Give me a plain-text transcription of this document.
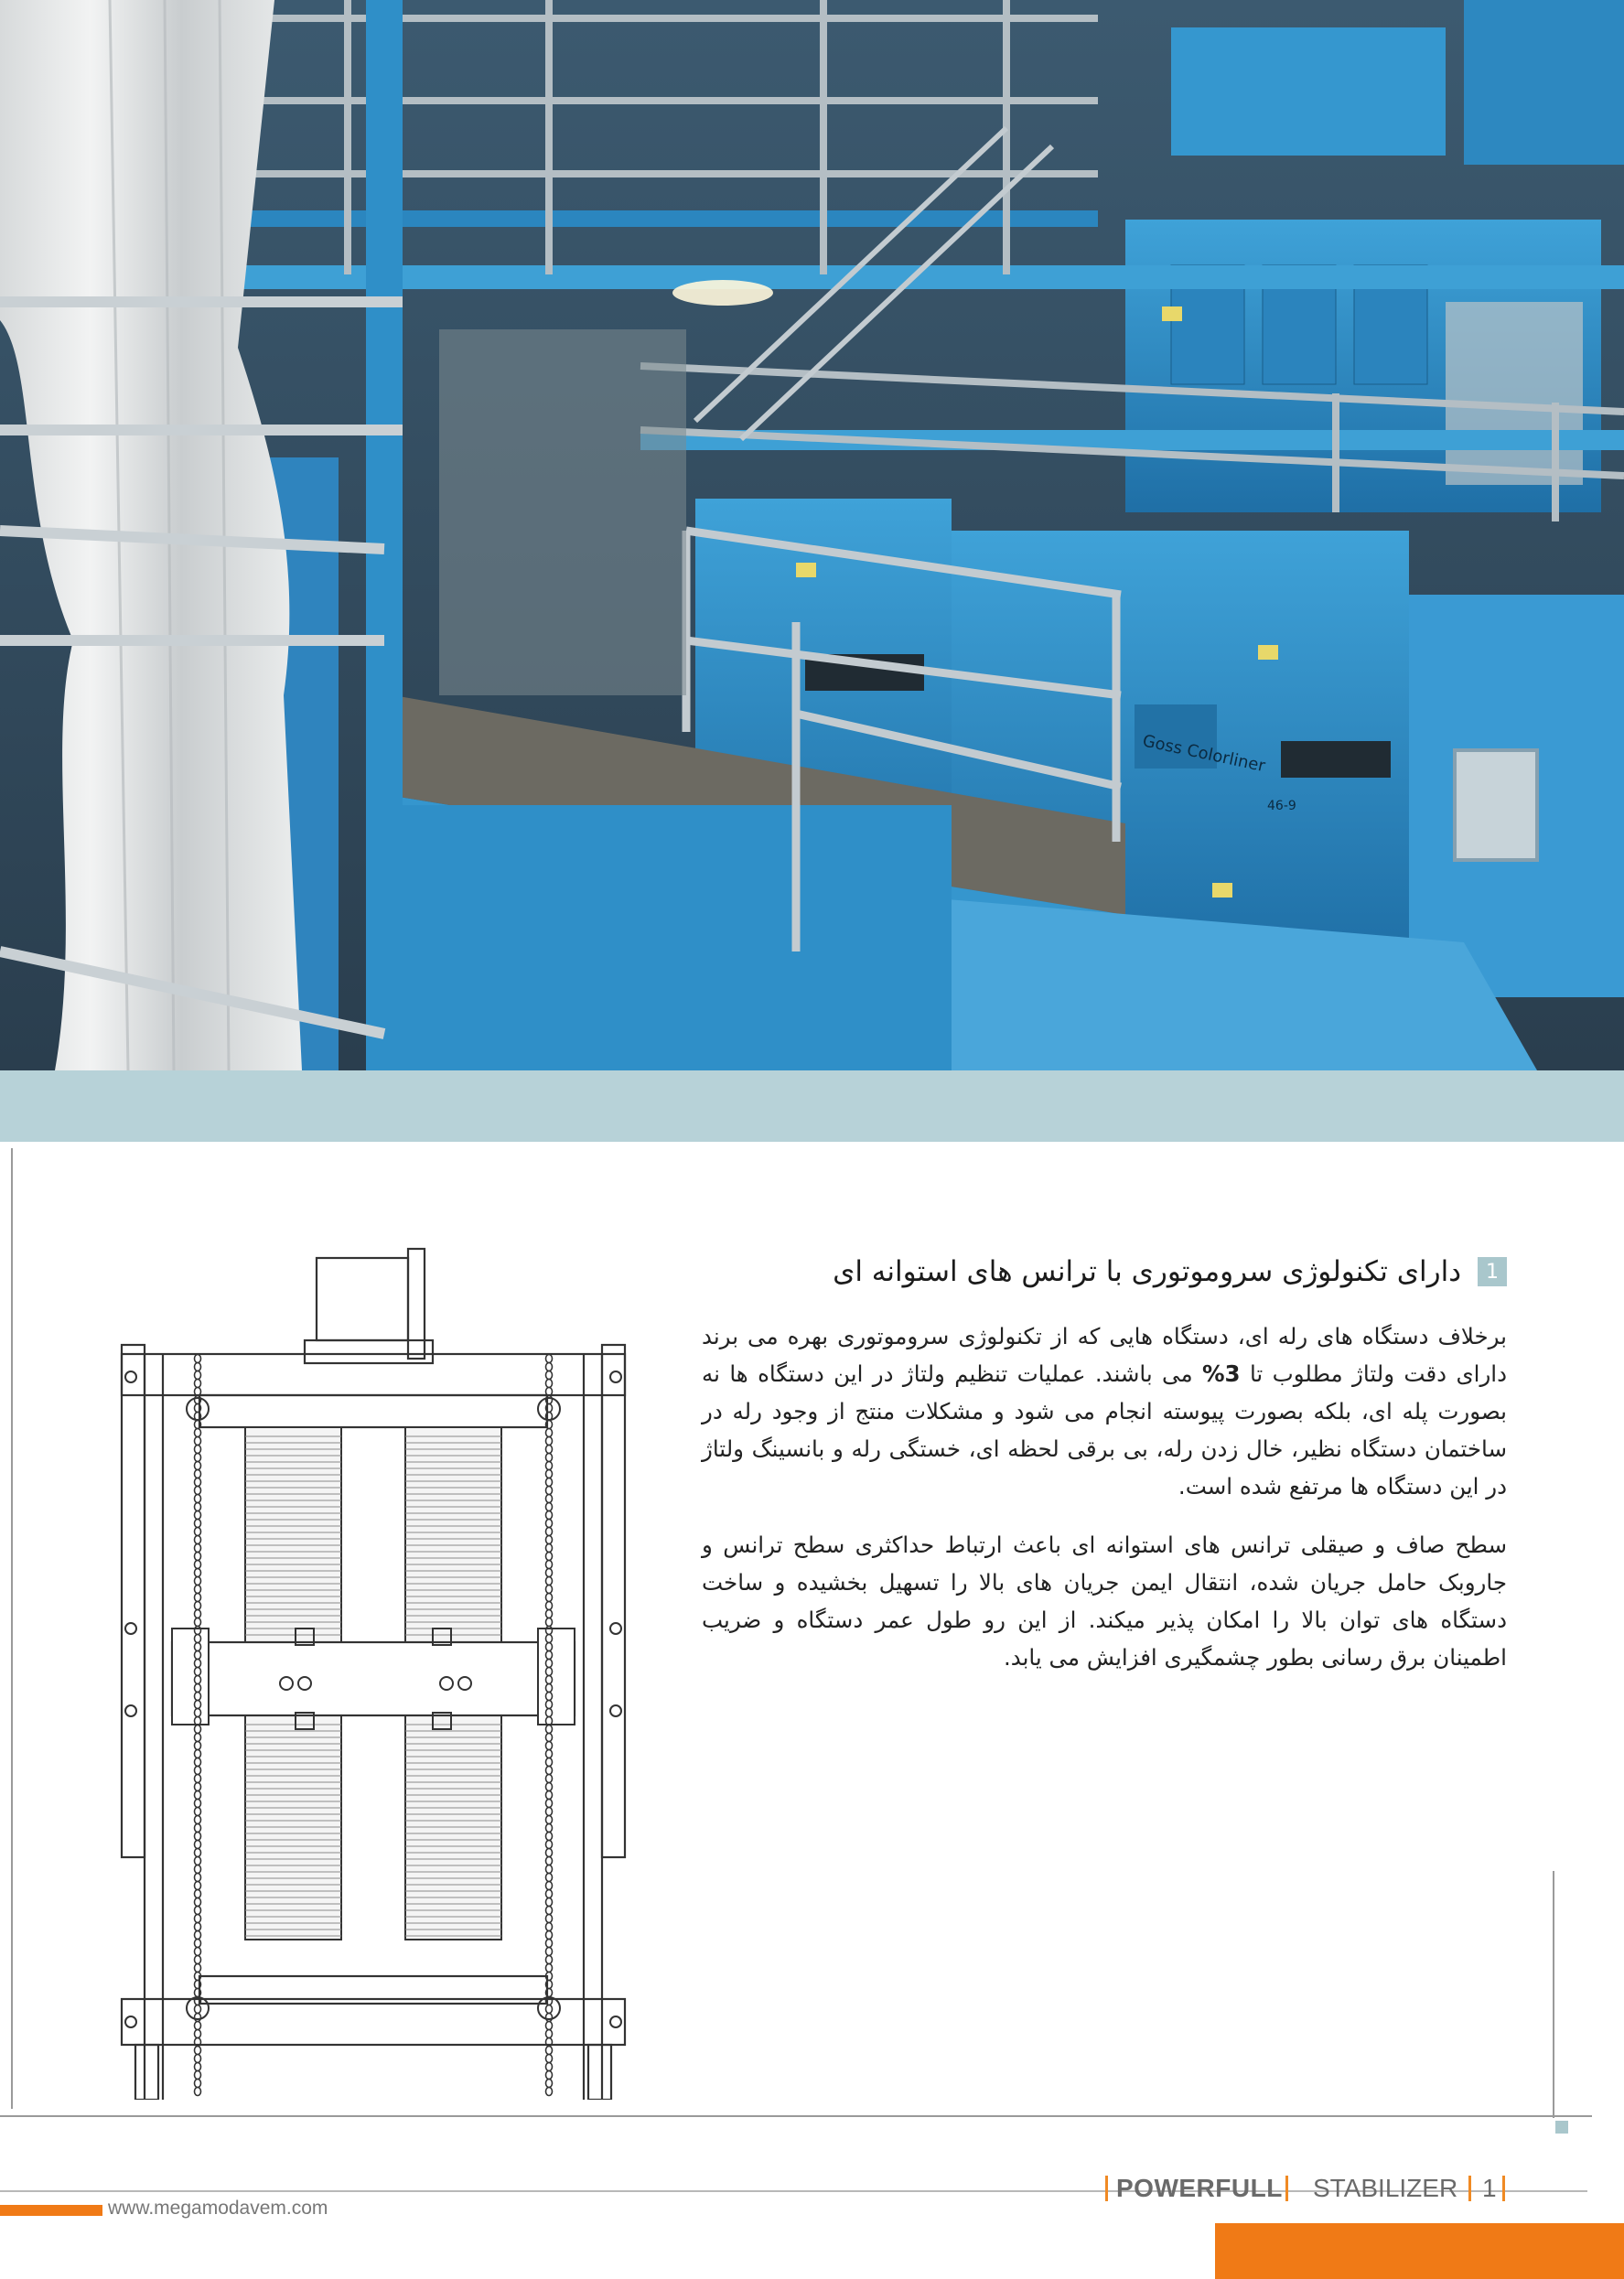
Goss Colorliner
46-9
1
دارای تکنولوژی سروموتوری با ترانس های استوانه ای

برخلاف دستگاه های رله ای، دستگاه هایی که از تکنولوژی سروموتوری بهره می برند دارای دقت ولتاژ مطلوب تا 3% می باشند. عملیات تنظیم ولتاژ در این دستگاه ها نه بصورت پله ای، بلکه بصورت پیوسته انجام می شود و مشکلات منتج از وجود رله در ساختمان دستگاه نظیر، خال زدن رله، بی برقی لحظه ای، خستگی رله و بانسینگ ولتاژ در این دستگاه ها مرتفع شده است.

سطح صاف و صیقلی ترانس های استوانه ای باعث ارتباط حداکثری سطح ترانس و جاروبک حامل جریان شده، انتقال ایمن جریان های بالا را تسهیل بخشیده و ساخت دستگاه های توان بالا را امکان پذیر میکند. از این رو طول عمر دستگاه و ضریب اطمینان برق رسانی بطور چشمگیری افزایش می یابد.

POWERFULL STABILIZER 1
www.megamodavem.com
